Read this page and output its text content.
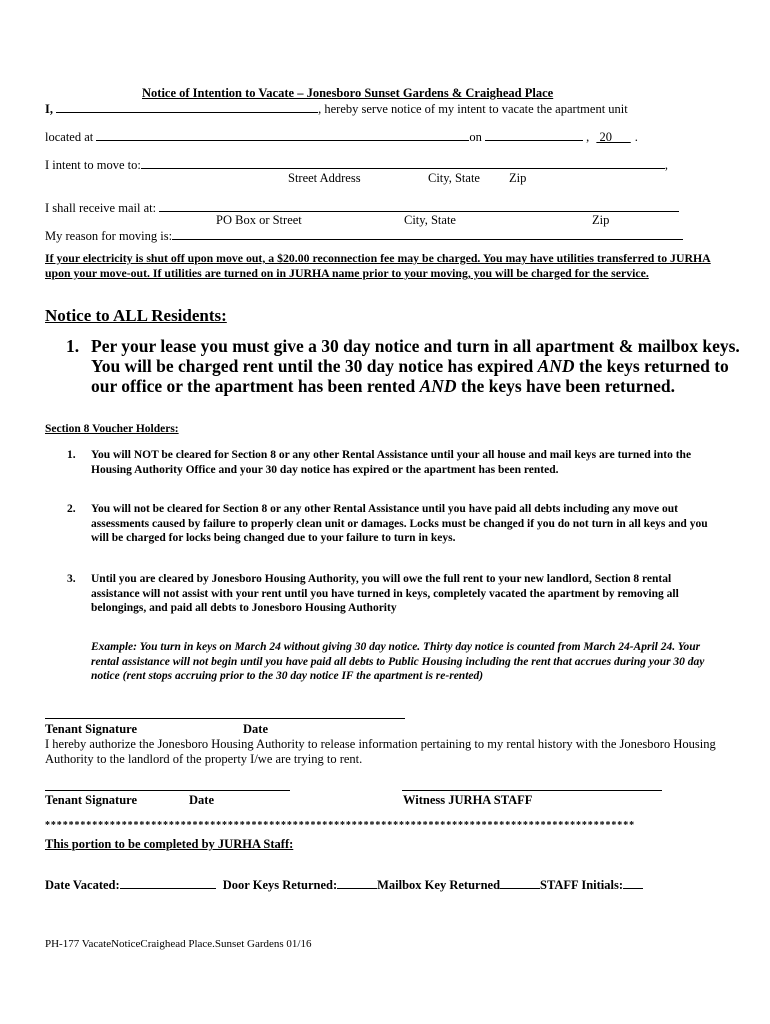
Notice of Intention to Vacate – Jonesboro Sunset Gardens & Craighead Place
I,	, hereby serve notice of my intent to vacate the apartment unit
located at	on	, 20 .
I intent to move to:	,
Street Address	City, State Zip
I shall receive mail at:
PO Box or Street	City, State	Zip
My reason for moving is:
If your electricity is shut off upon move out, a $20.00 reconnection fee may be charged. You may have utilities transferred to JURHA upon your move-out. If utilities are turned on in JURHA name prior to your moving, you will be charged for the service.
Notice to ALL Residents:
1. Per your lease you must give a 30 day notice and turn in all apartment & mailbox keys. You will be charged rent until the 30 day notice has expired AND the keys returned to our office or the apartment has been rented AND the keys have been returned.
Section 8 Voucher Holders:
1. You will NOT be cleared for Section 8 or any other Rental Assistance until your all house and mail keys are turned into the Housing Authority Office and your 30 day notice has expired or the apartment has been rented.
2. You will not be cleared for Section 8 or any other Rental Assistance until you have paid all debts including any move out assessments caused by failure to properly clean unit or damages. Locks must be changed if you do not turn in all keys and you will be charged for locks being changed due to your failure to turn in keys.
3. Until you are cleared by Jonesboro Housing Authority, you will owe the full rent to your new landlord, Section 8 rental assistance will not assist with your rent until you have turned in keys, completely vacated the apartment by removing all belongings, and paid all debts to Jonesboro Housing Authority
Example: You turn in keys on March 24 without giving 30 day notice. Thirty day notice is counted from March 24-April 24. Your rental assistance will not begin until you have paid all debts to Public Housing including the rent that accrues during your 30 day notice (rent stops accruing prior to the 30 day notice IF the apartment is re-rented)
Tenant Signature	Date
I hereby authorize the Jonesboro Housing Authority to release information pertaining to my rental history with the Jonesboro Housing Authority to the landlord of the property I/we are trying to rent.
Tenant Signature	Date	Witness JURHA STAFF
****************************************************************************************************
This portion to be completed by JURHA Staff:
Date Vacated:	Door Keys Returned:	Mailbox Key Returned	STAFF Initials:
PH-177 VacateNoticeCraighead Place.Sunset Gardens 01/16
